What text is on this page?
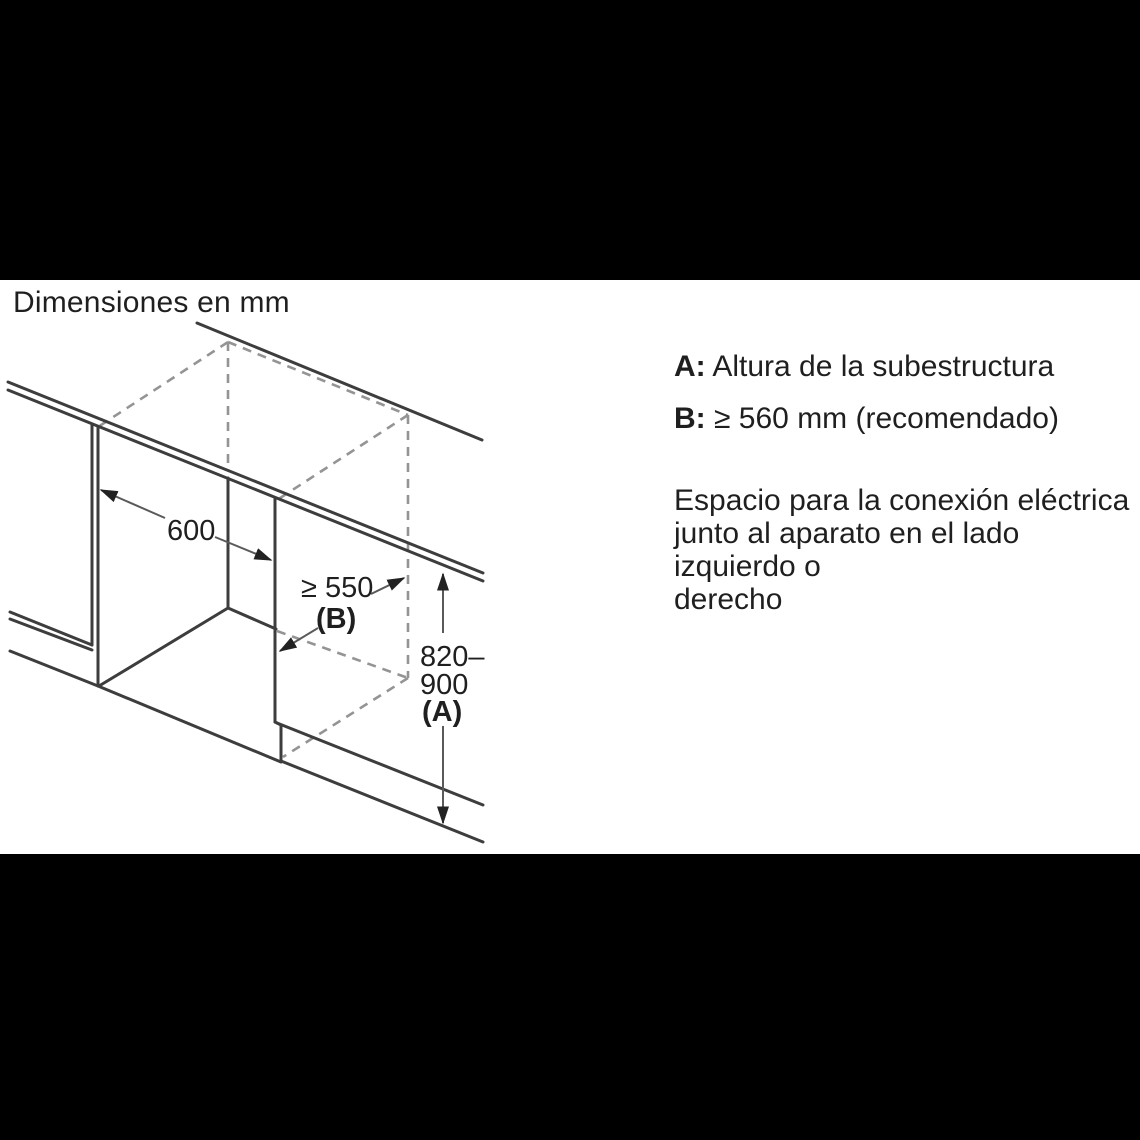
Dimensiones en mm
600
≥ 550
(B)
820–
900
(A)
A: Altura de la subestructura
B: ≥ 560 mm (recomendado)
Espacio para la conexión eléctrica
junto al aparato en el lado izquierdo o
derecho
